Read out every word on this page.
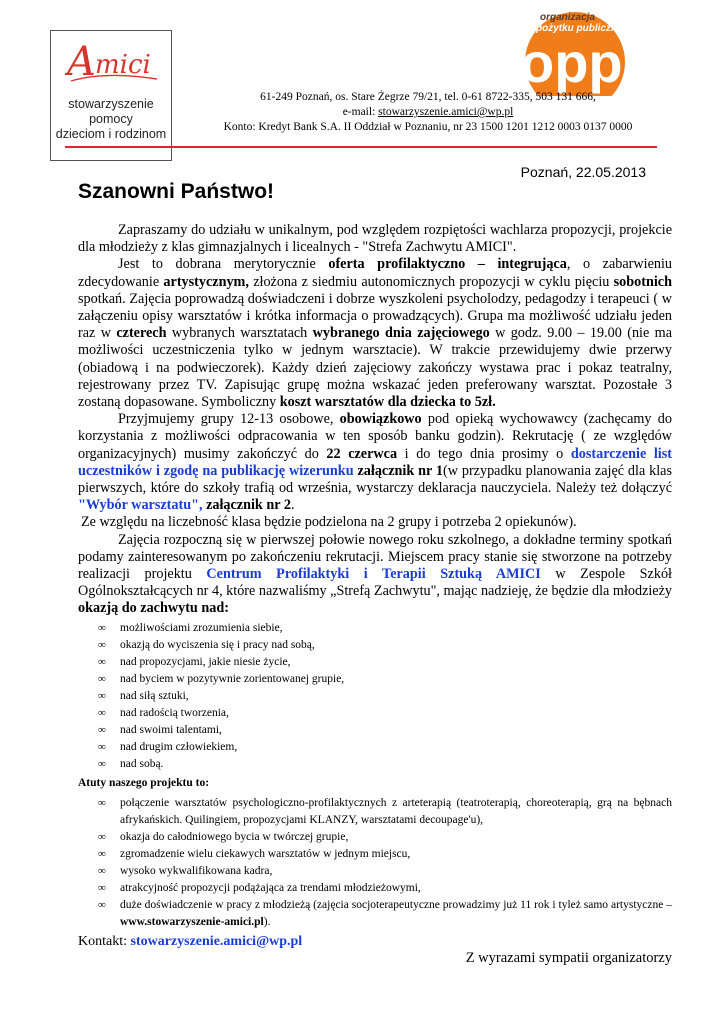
A mici
stowarzyszenie
pomocy
dzieciom i rodzinom
organizacja
pożytku publicznego
opp
61-249 Poznań, os. Stare Żegrze 79/21, tel. 0-61 8722-335, 503 131 666,
e-mail: stowarzyszenie.amici@wp.pl
Konto: Kredyt Bank S.A. II Oddział w Poznaniu, nr 23 1500 1201 1212 0003 0137 0000
Poznań, 22.05.2013
Szanowni Państwo!

Zapraszamy do udziału w unikalnym, pod względem rozpiętości wachlarza propozycji, projekcie dla młodzieży z klas gimnazjalnych i licealnych - "Strefa Zachwytu AMICI".

Jest to dobrana merytorycznie oferta profilaktyczno – integrująca, o zabarwieniu zdecydowanie artystycznym, złożona z siedmiu autonomicznych propozycji w cyklu pięciu sobotnich spotkań. Zajęcia poprowadzą doświadczeni i dobrze wyszkoleni psycholodzy, pedagodzy i terapeuci ( w załączeniu opisy warsztatów i krótka informacja o prowadzących). Grupa ma możliwość udziału jeden raz w czterech wybranych warsztatach wybranego dnia zajęciowego w godz. 9.00 – 19.00 (nie ma możliwości uczestniczenia tylko w jednym warsztacie). W trakcie przewidujemy dwie przerwy (obiadową i na podwieczorek). Każdy dzień zajęciowy zakończy wystawa prac i pokaz teatralny, rejestrowany przez TV. Zapisując grupę można wskazać jeden preferowany warsztat. Pozostałe 3 zostaną dopasowane. Symboliczny koszt warsztatów dla dziecka to 5zł.

Przyjmujemy grupy 12-13 osobowe, obowiązkowo pod opieką wychowawcy (zachęcamy do korzystania z możliwości odpracowania w ten sposób banku godzin). Rekrutację ( ze względów organizacyjnych) musimy zakończyć do 22 czerwca i do tego dnia prosimy o dostarczenie list uczestników i zgodę na publikację wizerunku załącznik nr 1(w przypadku planowania zajęć dla klas pierwszych, które do szkoły trafią od września, wystarczy deklaracja nauczyciela. Należy też dołączyć "Wybór warsztatu", załącznik nr 2.

Ze względu na liczebność klasa będzie podzielona na 2 grupy i potrzeba 2 opiekunów).

Zajęcia rozpoczną się w pierwszej połowie nowego roku szkolnego, a dokładne terminy spotkań podamy zainteresowanym po zakończeniu rekrutacji. Miejscem pracy stanie się stworzone na potrzeby realizacji projektu Centrum Profilaktyki i Terapii Sztuką AMICI w Zespole Szkół Ogólnokształcących nr 4, które nazwaliśmy „Strefą Zachwytu", mając nadzieję, że będzie dla młodzieży okazją do zachwytu nad:

∞ możliwościami zrozumienia siebie,
∞ okazją do wyciszenia się i pracy nad sobą,
∞ nad propozycjami, jakie niesie życie,
∞ nad byciem w pozytywnie zorientowanej grupie,
∞ nad siłą sztuki,
∞ nad radością tworzenia,
∞ nad swoimi talentami,
∞ nad drugim człowiekiem,
∞ nad sobą.
Atuty naszego projektu to:
∞ połączenie warsztatów psychologiczno-profilaktycznych z arteterapią (teatroterapią, choreoterapią, grą na bębnach afrykańskich. Quilingiem, propozycjami KLANZY, warsztatami decoupage'u),
∞ okazja do całodniowego bycia w twórczej grupie,
∞ zgromadzenie wielu ciekawych warsztatów w jednym miejscu,
∞ wysoko wykwalifikowana kadra,
∞ atrakcyjność propozycji podążająca za trendami młodzieżowymi,
∞ duże doświadczenie w pracy z młodzieżą (zajęcia socjoterapeutyczne prowadzimy już 11 rok i tyleż samo artystyczne – www.stowarzyszenie-amici.pl).
Kontakt: stowarzyszenie.amici@wp.pl
Z wyrazami sympatii organizatorzy
